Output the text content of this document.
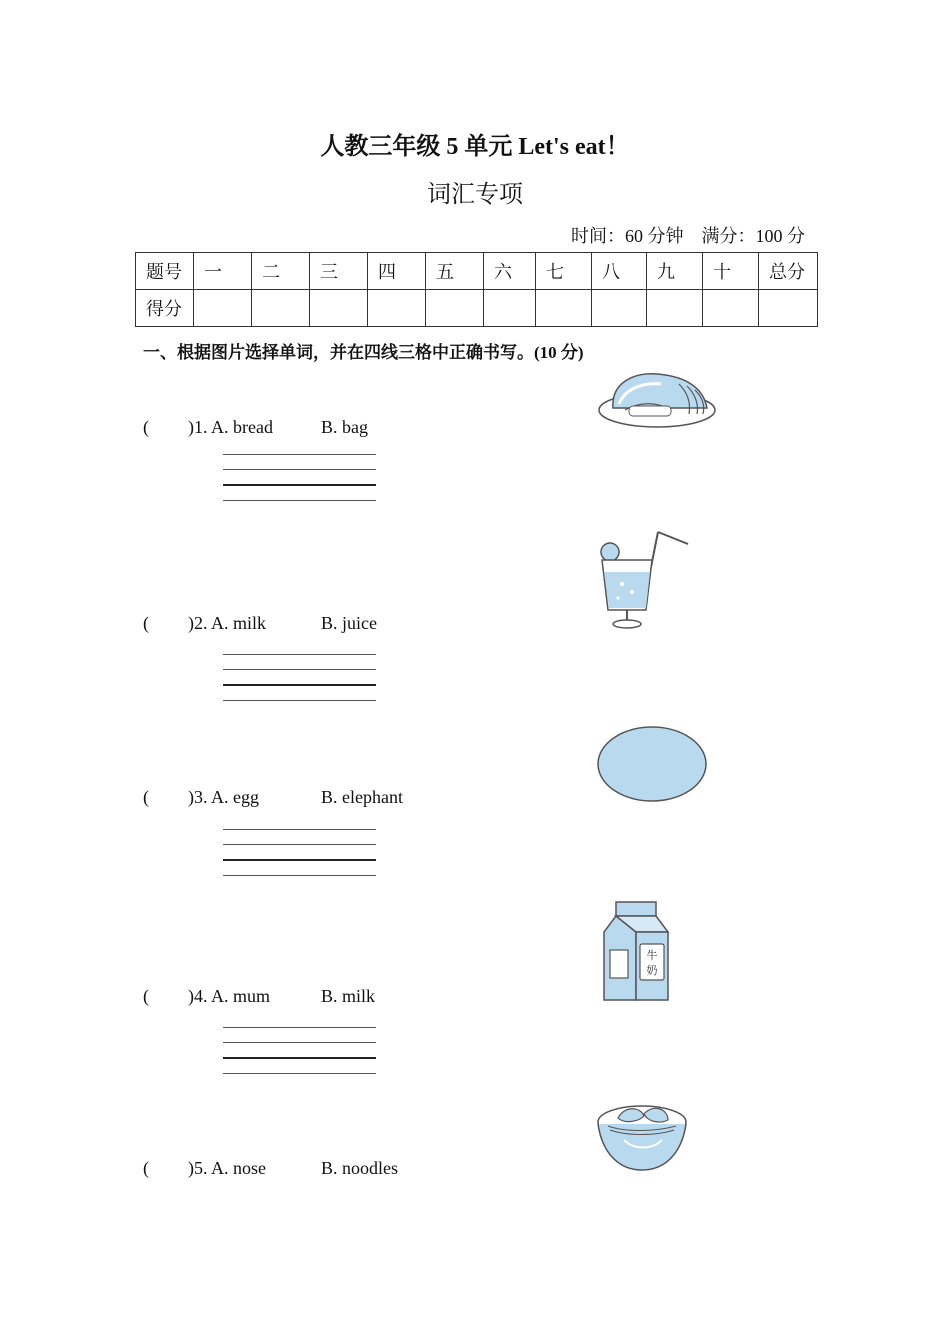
人教三年级 5 单元 Let's eat！
词汇专项
时间：60 分钟　满分：100 分
题号	一	二	三	四	五	六	七	八	九	十	总分
得分											
一、根据图片选择单词，并在四线三格中正确书写。(10 分)
( )1. A. bread	B. bag
( )2. A. milk	B. juice
( )3. A. egg	B. elephant
( )4. A. mum	B. milk
( )5. A. nose	B. noodles
牛
奶
